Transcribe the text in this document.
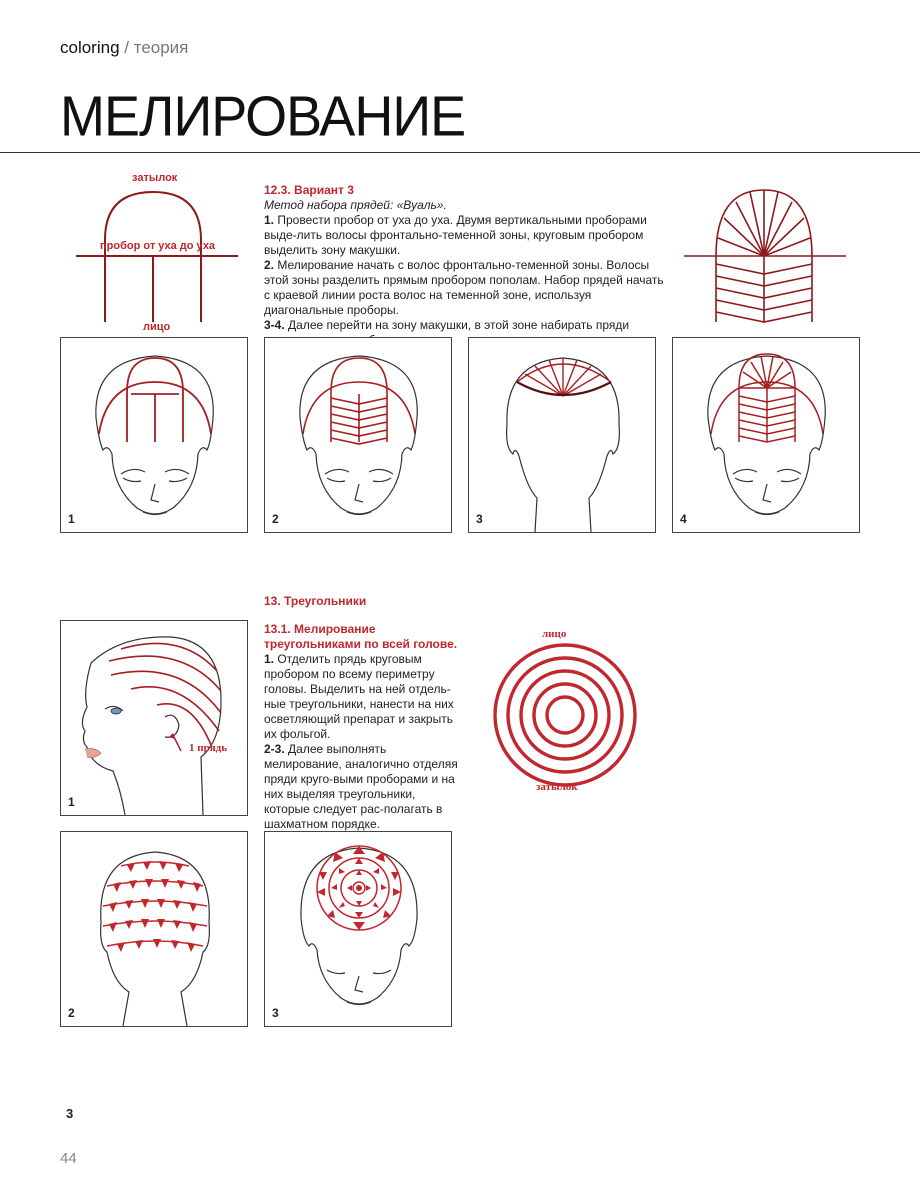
coloring / теория
МЕЛИРОВАНИЕ
затылок
пробор от уха до уха
лицо
12.3. Вариант 3
Метод набора прядей: «Вуаль».
1. Провести пробор от уха до уха. Двумя вертикальными проборами выде-лить волосы фронтально-теменной зоны, круговым пробором выделить зону макушки.
2. Мелирование начать с волос фронтально-теменной зоны. Волосы этой зоны разделить прямым пробором пополам. Набор прядей начать с краевой линии роста волос на теменной зоне, используя диагональные проборы.
3-4. Далее перейти на зону макушки, в этой зоне набирать пряди
1	2	3	4
13. Треугольники
1 прядь
1
13.1. Мелирование треугольниками по всей голове.
1. Отделить прядь круговым пробором по всему периметру головы. Выделить на ней отдель-ные треугольники, нанести на них осветляющий препарат и закрыть их фольгой.
2-3. Далее выполнять мелирование, аналогично отделяя пряди круго-выми проборами и на них выделяя треугольники, которые следует рас-полагать в шахматном порядке.
лицо
затылок
2	3
3
44
